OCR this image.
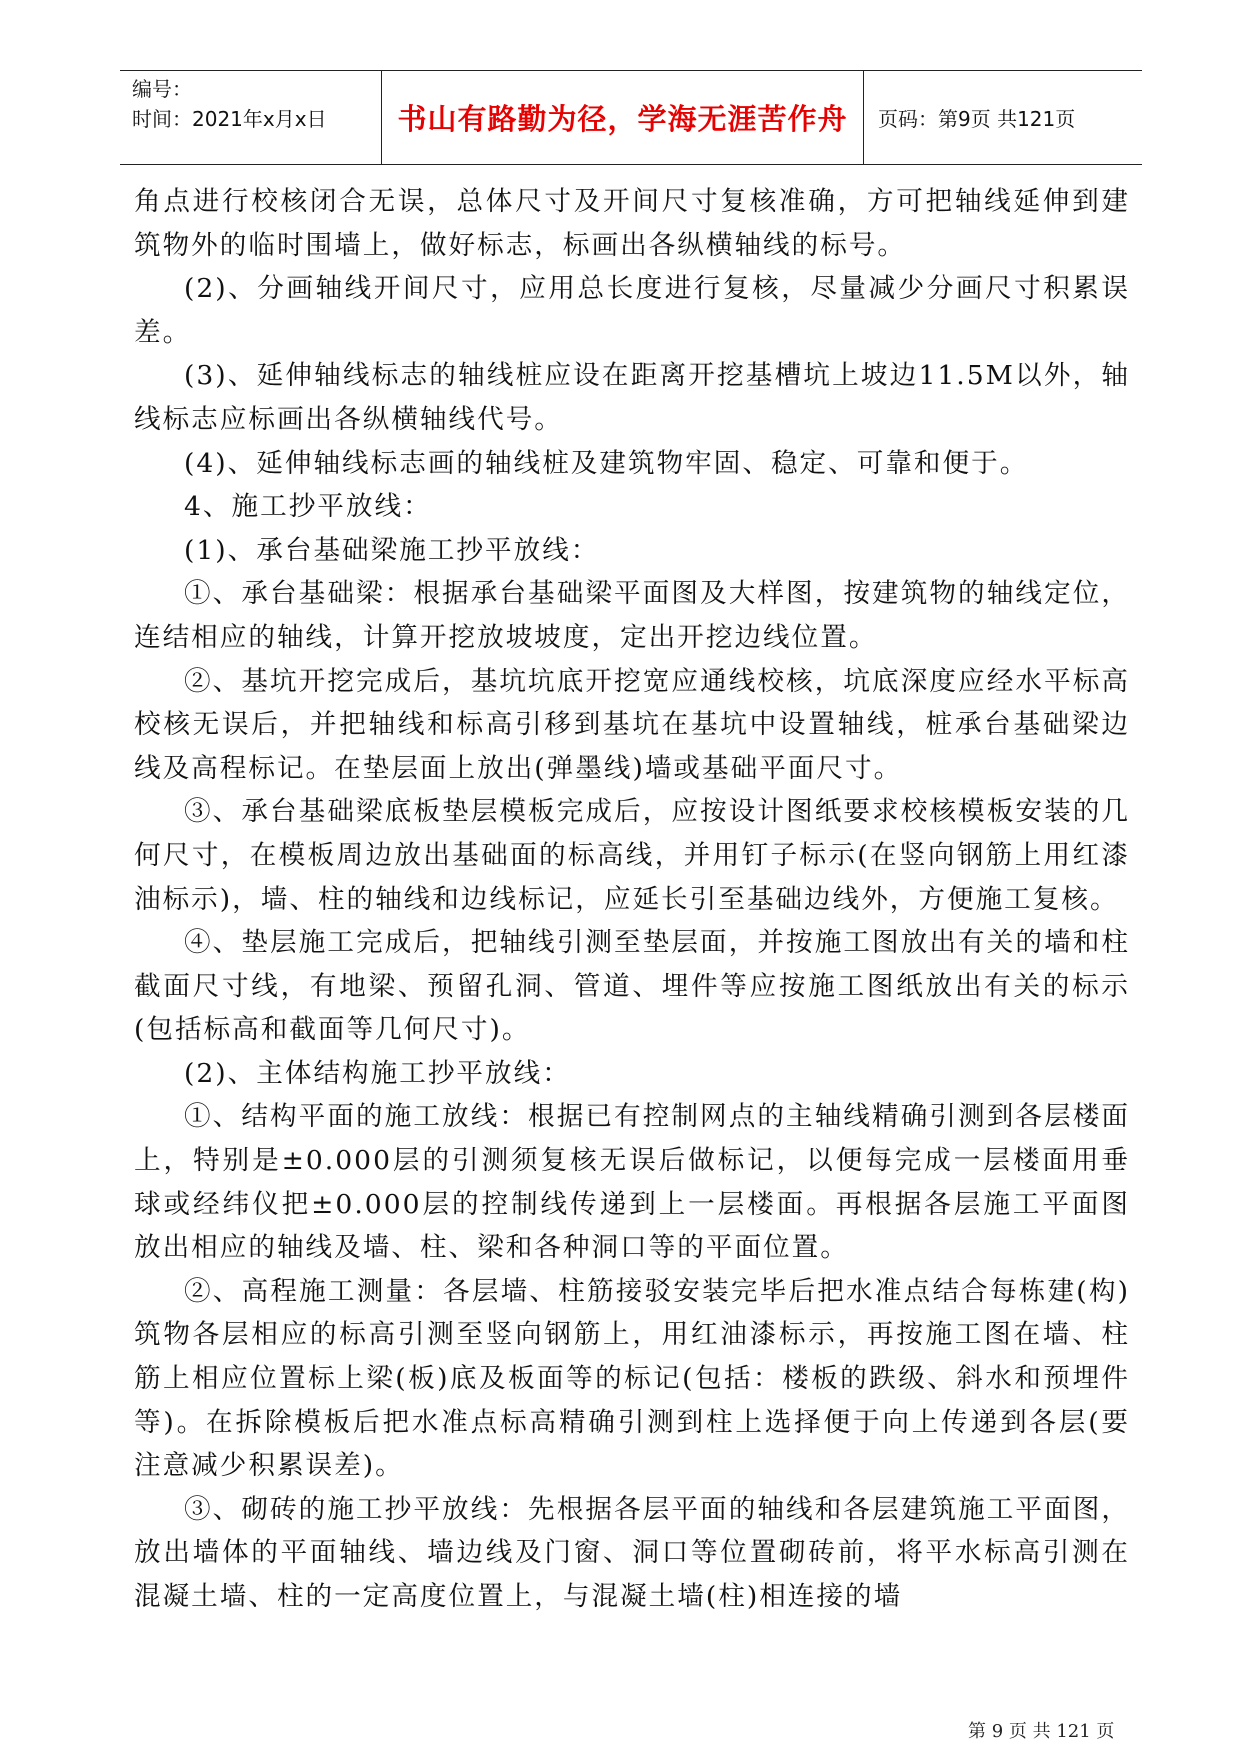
编号：
时间：2021年x月x日 书山有路勤为径，学海无涯苦作舟 页码：第9页 共121页

角点进行校核闭合无误，总体尺寸及开间尺寸复核准确，方可把轴线延伸到建筑物外的临时围墙上，做好标志，标画出各纵横轴线的标号。

(2)、分画轴线开间尺寸，应用总长度进行复核，尽量减少分画尺寸积累误差。

(3)、延伸轴线标志的轴线桩应设在距离开挖基槽坑上坡边11.5M以外，轴线标志应标画出各纵横轴线代号。

(4)、延伸轴线标志画的轴线桩及建筑物牢固、稳定、可靠和便于。

4、施工抄平放线：

(1)、承台基础梁施工抄平放线：

①、承台基础梁：根据承台基础梁平面图及大样图，按建筑物的轴线定位，连结相应的轴线，计算开挖放坡坡度，定出开挖边线位置。

②、基坑开挖完成后，基坑坑底开挖宽应通线校核，坑底深度应经水平标高校核无误后，并把轴线和标高引移到基坑在基坑中设置轴线，桩承台基础梁边线及高程标记。在垫层面上放出(弹墨线)墙或基础平面尺寸。

③、承台基础梁底板垫层模板完成后，应按设计图纸要求校核模板安装的几何尺寸，在模板周边放出基础面的标高线，并用钉子标示(在竖向钢筋上用红漆油标示)，墙、柱的轴线和边线标记，应延长引至基础边线外，方便施工复核。

④、垫层施工完成后，把轴线引测至垫层面，并按施工图放出有关的墙和柱截面尺寸线，有地梁、预留孔洞、管道、埋件等应按施工图纸放出有关的标示(包括标高和截面等几何尺寸)。

(2)、主体结构施工抄平放线：

①、结构平面的施工放线：根据已有控制网点的主轴线精确引测到各层楼面上，特别是±0.000层的引测须复核无误后做标记，以便每完成一层楼面用垂球或经纬仪把±0.000层的控制线传递到上一层楼面。再根据各层施工平面图放出相应的轴线及墙、柱、梁和各种洞口等的平面位置。

②、高程施工测量：各层墙、柱筋接驳安装完毕后把水准点结合每栋建(构)筑物各层相应的标高引测至竖向钢筋上，用红油漆标示，再按施工图在墙、柱筋上相应位置标上梁(板)底及板面等的标记(包括：楼板的跌级、斜水和预埋件等)。在拆除模板后把水准点标高精确引测到柱上选择便于向上传递到各层(要注意减少积累误差)。

③、砌砖的施工抄平放线：先根据各层平面的轴线和各层建筑施工平面图，放出墙体的平面轴线、墙边线及门窗、洞口等位置砌砖前，将平水标高引测在混凝土墙、柱的一定高度位置上，与混凝土墙(柱)相连接的墙

第 9 页 共 121 页
